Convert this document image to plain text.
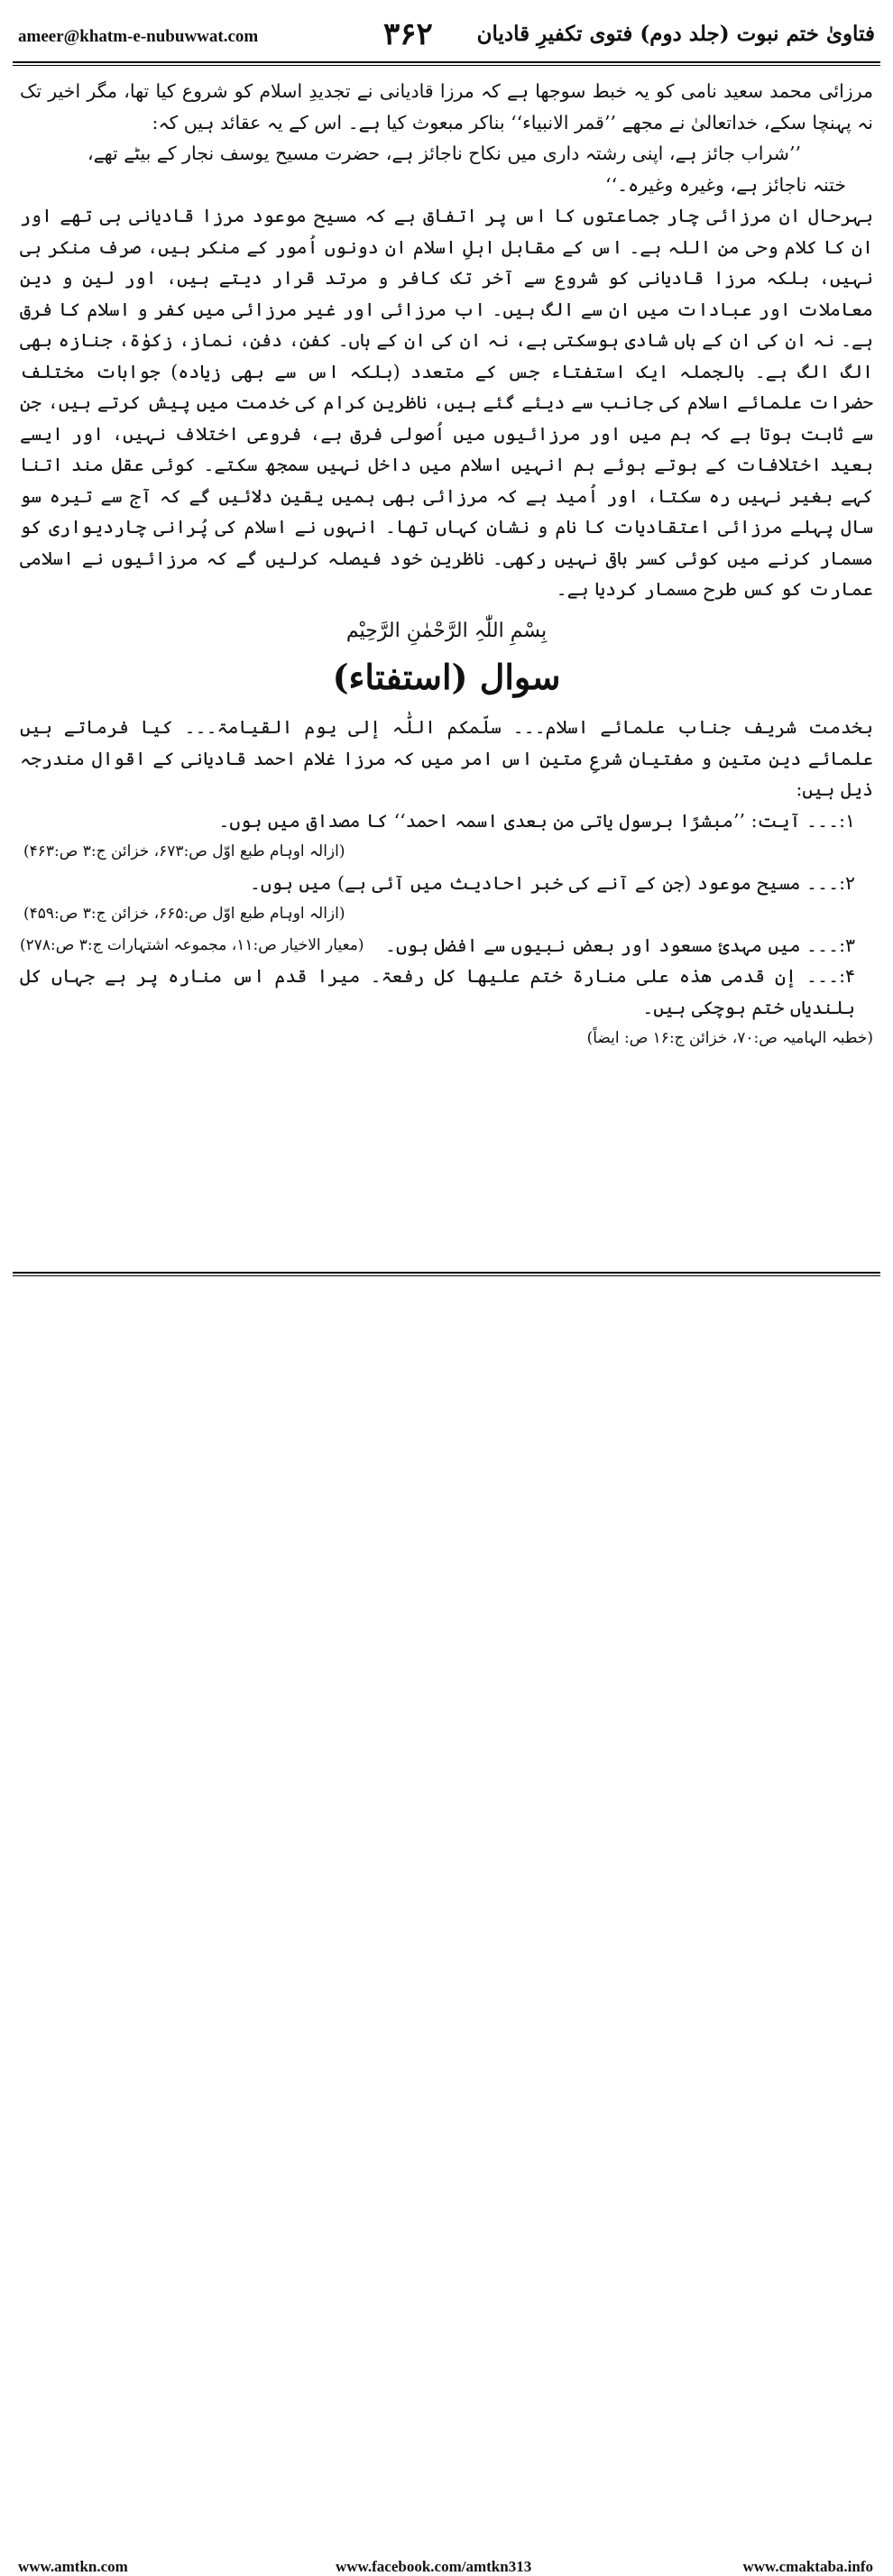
ameer@khatm-e-nubuwwat.com	۳۶۲ فتاویٰ ختم نبوت (جلد دوم) فتوی تکفیرِ قادیان

مرزائی محمد سعید نامی کو یہ خبط سوجھا ہے کہ مرزا قادیانی نے تجدیدِ اسلام کو شروع کیا تھا، مگر اخیر تک نہ پہنچا سکے، خداتعالیٰ نے مجھے ’’قمر الانبیاء‘‘ بناکر مبعوث کیا ہے۔ اس کے یہ عقائد ہیں کہ:

’’شراب جائز ہے، اپنی رشتہ داری میں نکاح ناجائز ہے، حضرت مسیح یوسف نجار کے بیٹے تھے،

ختنہ ناجائز ہے، وغیرہ وغیرہ۔‘‘

بہرحال ان مرزائی چار جماعتوں کا اس پر اتفاق ہے کہ مسیح موعود مرزا قادیانی ہی تھے اور ان کا کلام وحی من اللہ ہے۔ اس کے مقابل اہلِ اسلام ان دونوں اُمور کے منکر ہیں، صرف منکر ہی نہیں، بلکہ مرزا قادیانی کو شروع سے آخر تک کافر و مرتد قرار دیتے ہیں، اور لین و دین معاملات اور عبادات میں ان سے الگ ہیں۔ اب مرزائی اور غیر مرزائی میں کفر و اسلام کا فرق ہے۔ نہ ان کی ان کے ہاں شادی ہوسکتی ہے، نہ ان کی ان کے ہاں۔ کفن، دفن، نماز، زکوٰۃ، جنازہ بھی الگ الگ ہے۔ بالجملہ ایک استفتاء جس کے متعدد (بلکہ اس سے بھی زیادہ) جوابات مختلف حضرات علمائے اسلام کی جانب سے دیئے گئے ہیں، ناظرین کرام کی خدمت میں پیش کرتے ہیں، جن سے ثابت ہوتا ہے کہ ہم میں اور مرزائیوں میں اُصولی فرق ہے، فروعی اختلاف نہیں، اور ایسے بعید اختلافات کے ہوتے ہوئے ہم انہیں اسلام میں داخل نہیں سمجھ سکتے۔ کوئی عقل مند اتنا کہے بغیر نہیں رہ سکتا، اور اُمید ہے کہ مرزائی بھی ہمیں یقین دلائیں گے کہ آج سے تیرہ سو سال پہلے مرزائی اعتقادیات کا نام و نشان کہاں تھا۔ انہوں نے اسلام کی پُرانی چاردیواری کو مسمار کرنے میں کوئی کسر باقی نہیں رکھی۔ ناظرین خود فیصلہ کرلیں گے کہ مرزائیوں نے اسلامی عمارت کو کس طرح مسمار کردیا ہے۔

بِسْمِ اللّٰہِ الرَّحْمٰنِ الرَّحِیْم

سوال (استفتاء)

بخدمت شریف جناب علمائے اسلام۔۔۔ سلّمکم اللّٰہ إلی یوم القیامۃ۔۔۔ کیا فرماتے ہیں علمائے دینِ متین و مفتیانِ شرعِ متین اس امر میں کہ مرزا غلام احمد قادیانی کے اقوال مندرجہ ذیل ہیں:

۱:۔۔۔ آیت: ’’مبشرًا برسول یاتی من بعدی اسمہ احمد‘‘ کا مصداق میں ہوں۔

(ازالہ اوہام طبع اوّل ص:۶۷۳، خزائن ج:۳ ص:۴۶۳)

۲:۔۔۔ مسیح موعود (جن کے آنے کی خبر احادیث میں آئی ہے) میں ہوں۔

(ازالہ اوہام طبع اوّل ص:۶۶۵، خزائن ج:۳ ص:۴۵۹)

(معیار الاخیار ص:۱۱، مجموعہ اشتہارات ج:۳ ص:۲۷۸) ۳:۔۔۔ میں مہدیٔ مسعود اور بعض نبیوں سے افضل ہوں۔

۴:۔۔۔ إن قدمی ھذہ علی منارۃ ختم علیھا کل رفعۃ۔ میرا قدم اس منارہ پر ہے جہاں کل بلندیاں ختم ہوچکی ہیں۔

(خطبہ الہامیہ ص:۷۰، خزائن ج:۱۶ ص: ایضاً)

www.amtkn.com	www.facebook.com/amtkn313	www.cmaktaba.info
